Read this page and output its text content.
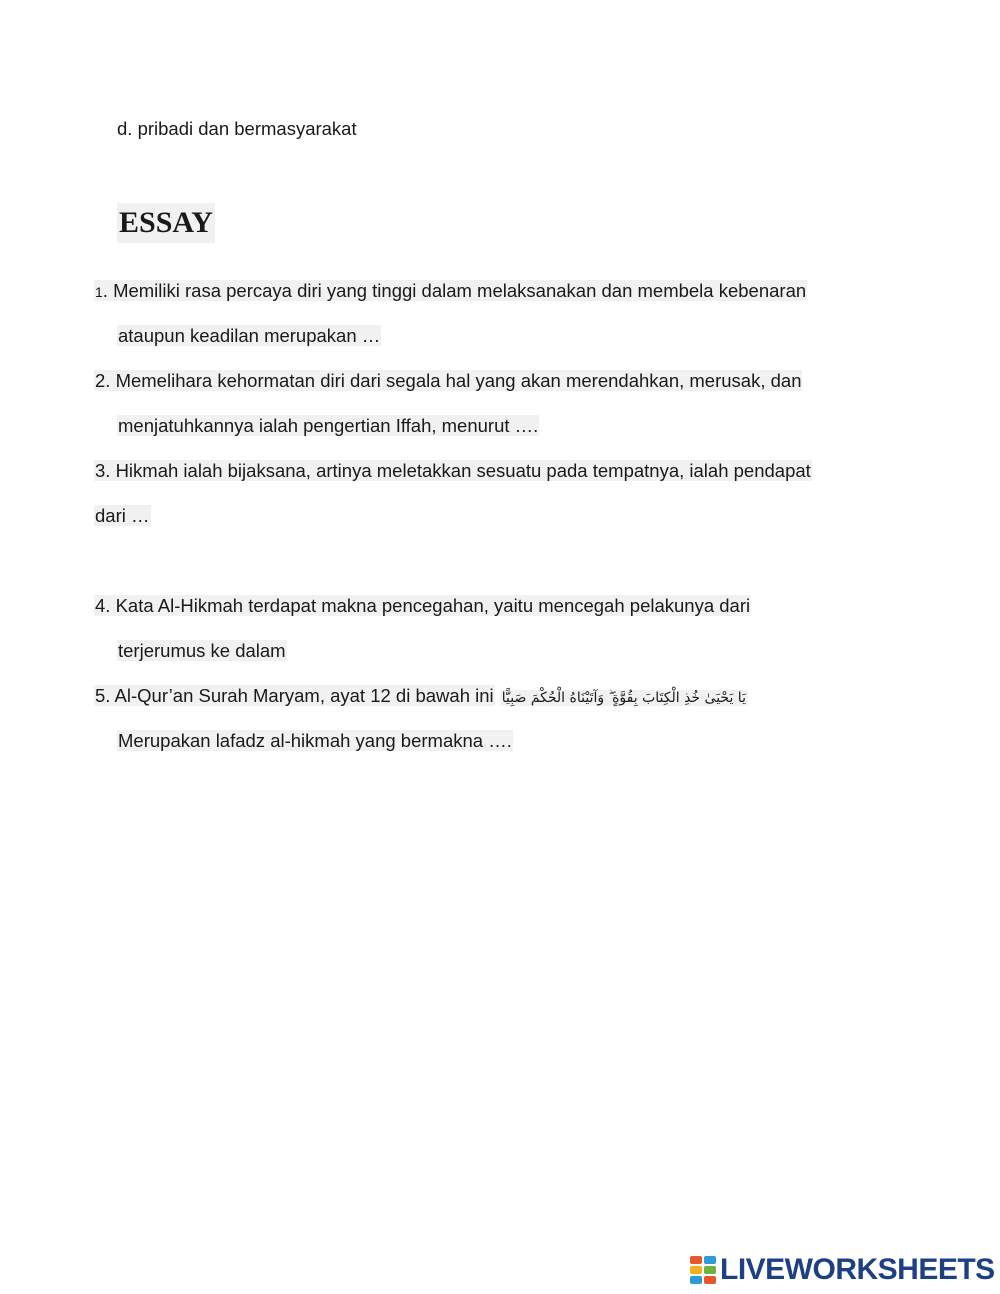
d. pribadi dan bermasyarakat
ESSAY
1. Memiliki rasa percaya diri yang tinggi dalam melaksanakan dan membela kebenaran
ataupun keadilan merupakan …
2. Memelihara kehormatan diri dari segala hal yang akan merendahkan, merusak, dan
menjatuhkannya ialah pengertian Iffah, menurut ….
3. Hikmah ialah bijaksana, artinya meletakkan sesuatu pada tempatnya, ialah pendapat
dari …
4. Kata Al-Hikmah terdapat makna pencegahan, yaitu mencegah pelakunya dari
terjerumus ke dalam
5. Al-Qur’an Surah Maryam, ayat 12 di bawah ini يَا يَحْيَىٰ خُذِ الْكِتَابَ بِقُوَّةٍ ۖ وَآتَيْنَاهُ الْحُكْمَ صَبِيًّا
Merupakan lafadz al-hikmah yang bermakna ….
LIVEWORKSHEETS
